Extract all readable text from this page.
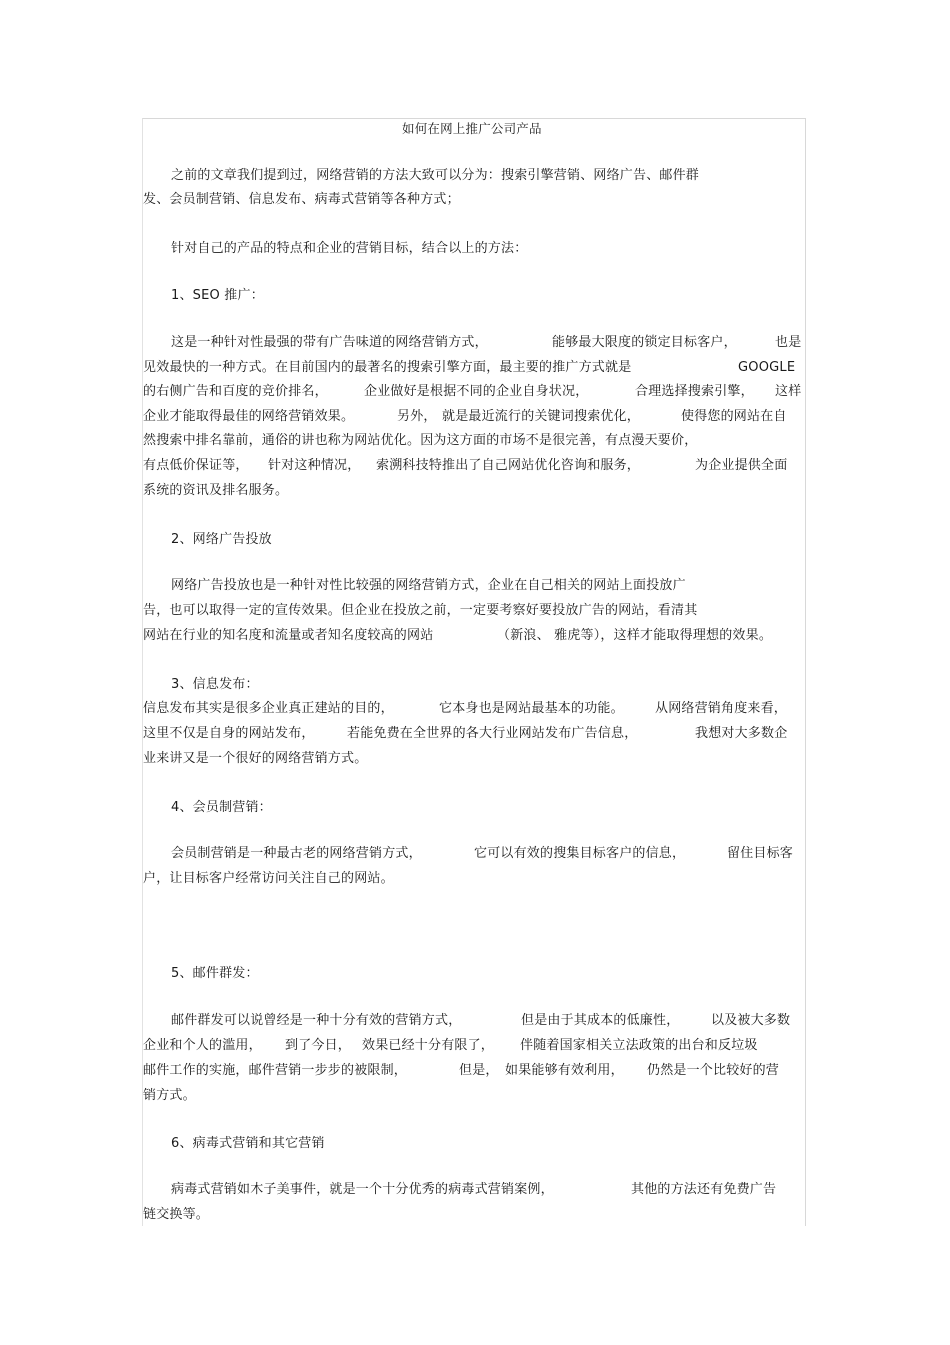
如何在网上推广公司产品
之前的文章我们提到过，网络营销的方法大致可以分为：搜索引擎营销、网络广告、邮件群
发、会员制营销、信息发布、病毒式营销等各种方式；
针对自己的产品的特点和企业的营销目标，结合以上的方法：
1、SEO 推广：
这是一种针对性最强的带有广告味道的网络营销方式，	能够最大限度的锁定目标客户，	也是
见效最快的一种方式。在目前国内的最著名的搜索引擎方面，最主要的推广方式就是	GOOGLE
的右侧广告和百度的竞价排名，	企业做好是根据不同的企业自身状况，	合理选择搜索引擎， 这样
企业才能取得最佳的网络营销效果。	另外， 就是最近流行的关键词搜索优化，	使得您的网站在自
然搜索中排名靠前，通俗的讲也称为网站优化。因为这方面的市场不是很完善，有点漫天要价，
有点低价保证等， 针对这种情况， 索溯科技特推出了自己网站优化咨询和服务，	为企业提供全面
系统的资讯及排名服务。
2、网络广告投放
网络广告投放也是一种针对性比较强的网络营销方式，企业在自己相关的网站上面投放广
告，也可以取得一定的宣传效果。但企业在投放之前，一定要考察好要投放广告的网站，看清其
网站在行业的知名度和流量或者知名度较高的网站	（新浪、 雅虎等），这样才能取得理想的效果。
3、信息发布：
信息发布其实是很多企业真正建站的目的，	它本身也是网站最基本的功能。 从网络营销角度来看，
这里不仅是自身的网站发布， 若能免费在全世界的各大行业网站发布广告信息，	我想对大多数企
业来讲又是一个很好的网络营销方式。
4、会员制营销：
会员制营销是一种最古老的网络营销方式，	它可以有效的搜集目标客户的信息，	留住目标客
户，让目标客户经常访问关注自己的网站。
5、邮件群发：
邮件群发可以说曾经是一种十分有效的营销方式，	但是由于其成本的低廉性， 以及被大多数
企业和个人的滥用， 到了今日， 效果已经十分有限了， 伴随着国家相关立法政策的出台和反垃圾
邮件工作的实施，邮件营销一步步的被限制，	但是， 如果能够有效利用， 仍然是一个比较好的营
销方式。
6、病毒式营销和其它营销
病毒式营销如木子美事件，就是一个十分优秀的病毒式营销案例，	其他的方法还有免费广告
链交换等。
